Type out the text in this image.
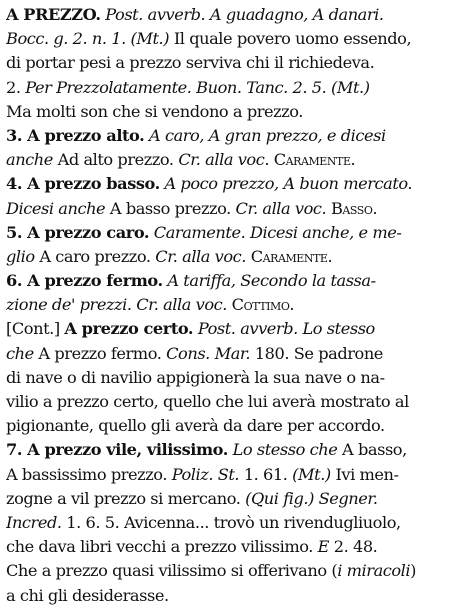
A PREZZO. Post. avverb. A guadagno, A danari.
Bocc. g. 2. n. 1. (Mt.) Il quale povero uomo essendo,
di portar pesi a prezzo serviva chi il richiedeva.
2. Per Prezzolatamente. Buon. Tanc. 2. 5. (Mt.)
Ma molti son che si vendono a prezzo.
3. A prezzo alto. A caro, A gran prezzo, e dicesi
anche Ad alto prezzo. Cr. alla voc. Caramente.
4. A prezzo basso. A poco prezzo, A buon mercato.
Dicesi anche A basso prezzo. Cr. alla voc. Basso.
5. A prezzo caro. Caramente. Dicesi anche, e me-
glio A caro prezzo. Cr. alla voc. Caramente.
6. A prezzo fermo. A tariffa, Secondo la tassa-
zione de' prezzi. Cr. alla voc. Cottimo.
[Cont.] A prezzo certo. Post. avverb. Lo stesso
che A prezzo fermo. Cons. Mar. 180. Se padrone
di nave o di navilio appigionerà la sua nave o na-
vilio a prezzo certo, quello che lui averà mostrato al
pigionante, quello gli averà da dare per accordo.
7. A prezzo vile, vilissimo. Lo stesso che A basso,
A bassissimo prezzo. Poliz. St. 1. 61. (Mt.) Ivi men-
zogne a vil prezzo si mercano. (Qui fig.) Segner.
Incred. 1. 6. 5. Avicenna... trovò un rivendugliuolo,
che dava libri vecchi a prezzo vilissimo. E 2. 48.
Che a prezzo quasi vilissimo si offerivano (i miracoli)
a chi gli desiderasse.
